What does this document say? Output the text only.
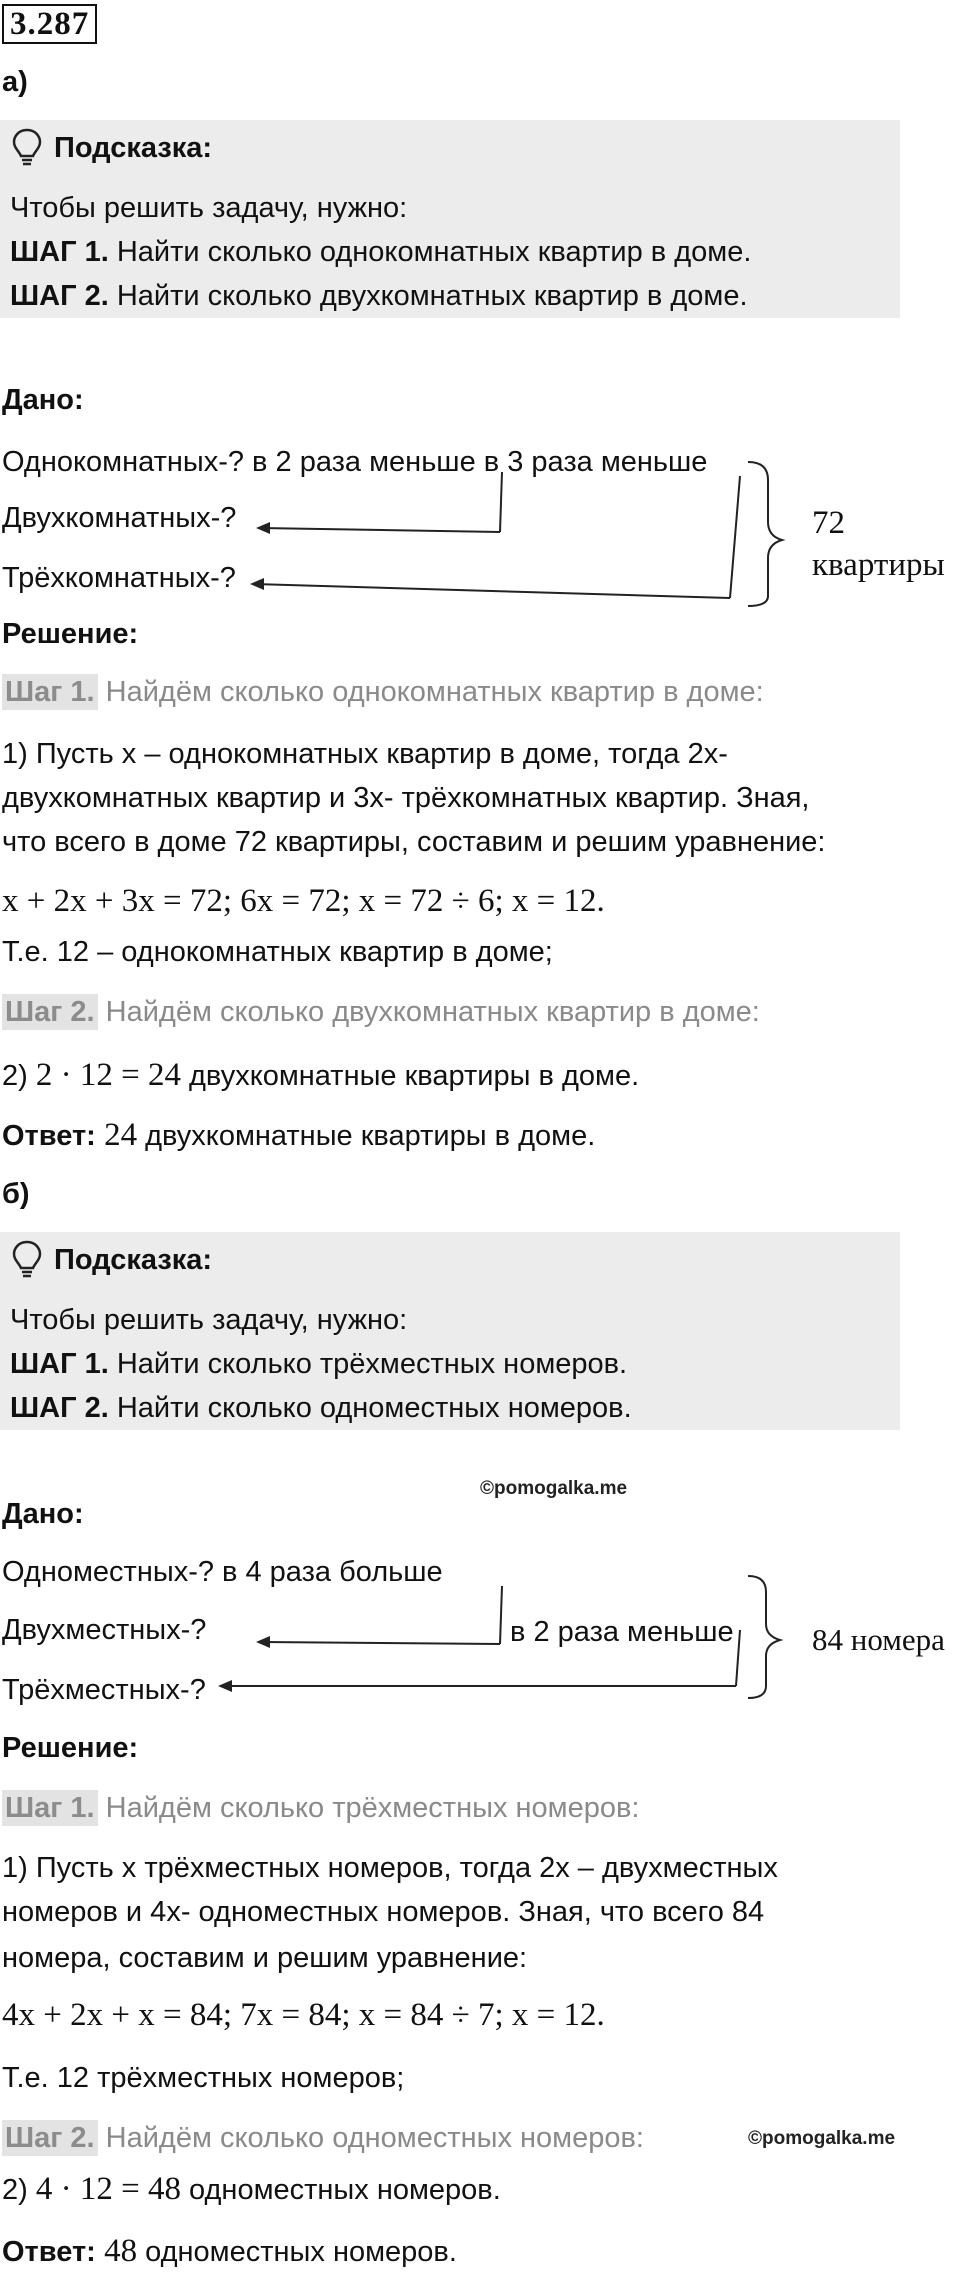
3.287
а)
Подсказка:
Чтобы решить задачу, нужно:
ШАГ 1. Найти сколько однокомнатных квартир в доме.
ШАГ 2. Найти сколько двухкомнатных квартир в доме.
Дано:
Однокомнатных-? в 2 раза меньше в 3 раза меньше
Двухкомнатных-?
Трёхкомнатных-?
72
квартиры
Решение:
Шаг 1. Найдём сколько однокомнатных квартир в доме:
1) Пусть x – однокомнатных квартир в доме, тогда 2x-
двухкомнатных квартир и 3x- трёхкомнатных квартир. Зная,
что всего в доме 72 квартиры, составим и решим уравнение:
x + 2x + 3x = 72; 6x = 72; x = 72 ÷ 6; x = 12.
Т.е. 12 – однокомнатных квартир в доме;
Шаг 2. Найдём сколько двухкомнатных квартир в доме:
2) 2 · 12 = 24 двухкомнатные квартиры в доме.
Ответ: 24 двухкомнатные квартиры в доме.
б)
Подсказка:
Чтобы решить задачу, нужно:
ШАГ 1. Найти сколько трёхместных номеров.
ШАГ 2. Найти сколько одноместных номеров.
©pomogalka.me
Дано:
Одноместных-? в 4 раза больше
Двухместных-?
Трёхместных-?
в 2 раза меньше	84 номера
Решение:
Шаг 1. Найдём сколько трёхместных номеров:
1) Пусть x трёхместных номеров, тогда 2x – двухместных
номеров и 4x- одноместных номеров. Зная, что всего 84
номера, составим и решим уравнение:
4x + 2x + x = 84; 7x = 84; x = 84 ÷ 7; x = 12.
Т.е. 12 трёхместных номеров;
Шаг 2. Найдём сколько одноместных номеров:	©pomogalka.me
2) 4 · 12 = 48 одноместных номеров.
Ответ: 48 одноместных номеров.
